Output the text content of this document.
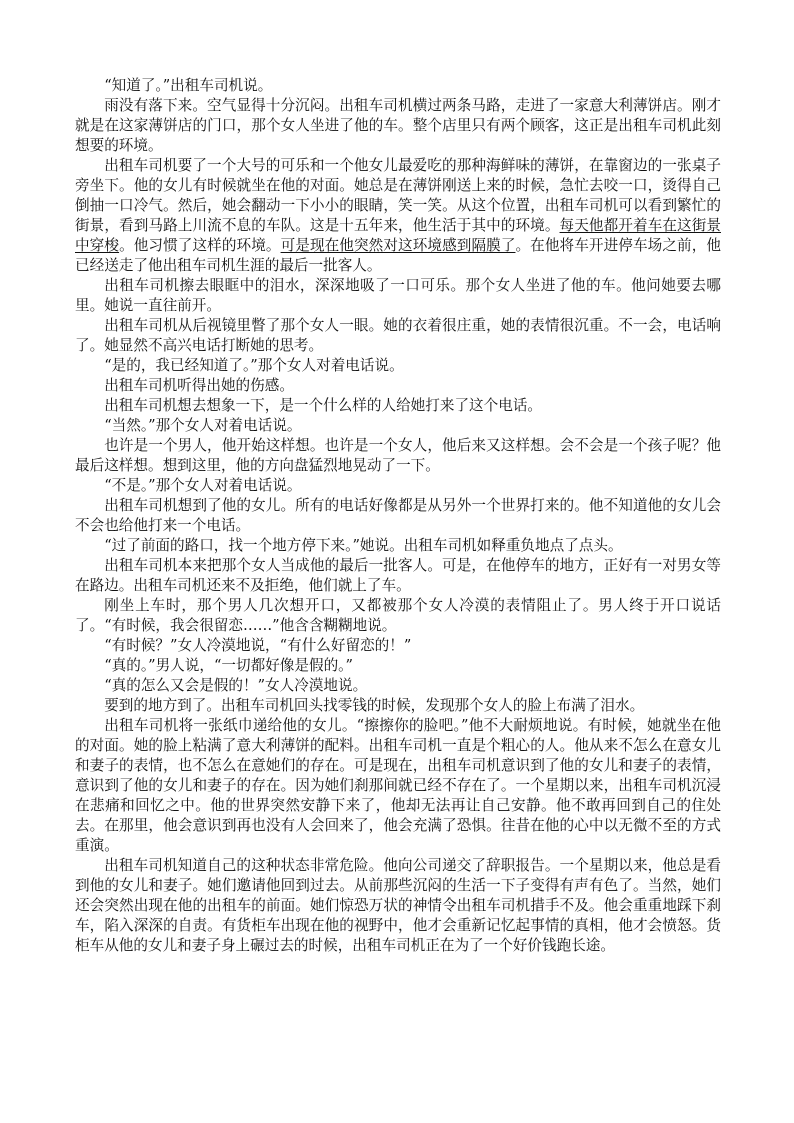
“知道了。”出租车司机说。

雨没有落下来。空气显得十分沉闷。出租车司机横过两条马路，走进了一家意大利薄饼店。刚才就是在这家薄饼店的门口，那个女人坐进了他的车。整个店里只有两个顾客，这正是出租车司机此刻想要的环境。

出租车司机要了一个大号的可乐和一个他女儿最爱吃的那种海鲜味的薄饼，在靠窗边的一张桌子旁坐下。他的女儿有时候就坐在他的对面。她总是在薄饼刚送上来的时候，急忙去咬一口，烫得自己倒抽一口冷气。然后，她会翻动一下小小的眼睛，笑一笑。从这个位置，出租车司机可以看到繁忙的街景，看到马路上川流不息的车队。这是十五年来，他生活于其中的环境。每天他都开着车在这街景中穿梭。他习惯了这样的环境。可是现在他突然对这环境感到隔膜了。在他将车开进停车场之前，他已经送走了他出租车司机生涯的最后一批客人。

出租车司机擦去眼眶中的泪水，深深地吸了一口可乐。那个女人坐进了他的车。他问她要去哪里。她说一直往前开。

出租车司机从后视镜里瞥了那个女人一眼。她的衣着很庄重，她的表情很沉重。不一会，电话响了。她显然不高兴电话打断她的思考。

“是的，我已经知道了。”那个女人对着电话说。

出租车司机听得出她的伤感。

出租车司机想去想象一下，是一个什么样的人给她打来了这个电话。

“当然。”那个女人对着电话说。

也许是一个男人，他开始这样想。也许是一个女人，他后来又这样想。会不会是一个孩子呢？他最后这样想。想到这里，他的方向盘猛烈地晃动了一下。

“不是。”那个女人对着电话说。

出租车司机想到了他的女儿。所有的电话好像都是从另外一个世界打来的。他不知道他的女儿会不会也给他打来一个电话。

“过了前面的路口，找一个地方停下来。”她说。出租车司机如释重负地点了点头。

出租车司机本来把那个女人当成他的最后一批客人。可是，在他停车的地方，正好有一对男女等在路边。出租车司机还来不及拒绝，他们就上了车。

刚坐上车时，那个男人几次想开口，又都被那个女人冷漠的表情阻止了。男人终于开口说话了。“有时候，我会很留恋……”他含含糊糊地说。

“有时候？”女人冷漠地说，“有什么好留恋的！”

“真的。”男人说，“一切都好像是假的。”

“真的怎么又会是假的！”女人冷漠地说。

要到的地方到了。出租车司机回头找零钱的时候，发现那个女人的脸上布满了泪水。

出租车司机将一张纸巾递给他的女儿。“擦擦你的脸吧。”他不大耐烦地说。有时候，她就坐在他的对面。她的脸上粘满了意大利薄饼的配料。出租车司机一直是个粗心的人。他从来不怎么在意女儿和妻子的表情，也不怎么在意她们的存在。可是现在，出租车司机意识到了他的女儿和妻子的表情，意识到了他的女儿和妻子的存在。因为她们刹那间就已经不存在了。一个星期以来，出租车司机沉浸在悲痛和回忆之中。他的世界突然安静下来了，他却无法再让自己安静。他不敢再回到自己的住处去。在那里，他会意识到再也没有人会回来了，他会充满了恐惧。往昔在他的心中以无微不至的方式重演。

出租车司机知道自己的这种状态非常危险。他向公司递交了辞职报告。一个星期以来，他总是看到他的女儿和妻子。她们邀请他回到过去。从前那些沉闷的生活一下子变得有声有色了。当然，她们还会突然出现在他的出租车的前面。她们惊恐万状的神情令出租车司机措手不及。他会重重地踩下刹车，陷入深深的自责。有货柜车出现在他的视野中，他才会重新记忆起事情的真相，他才会愤怒。货柜车从他的女儿和妻子身上碾过去的时候，出租车司机正在为了一个好价钱跑长途。
